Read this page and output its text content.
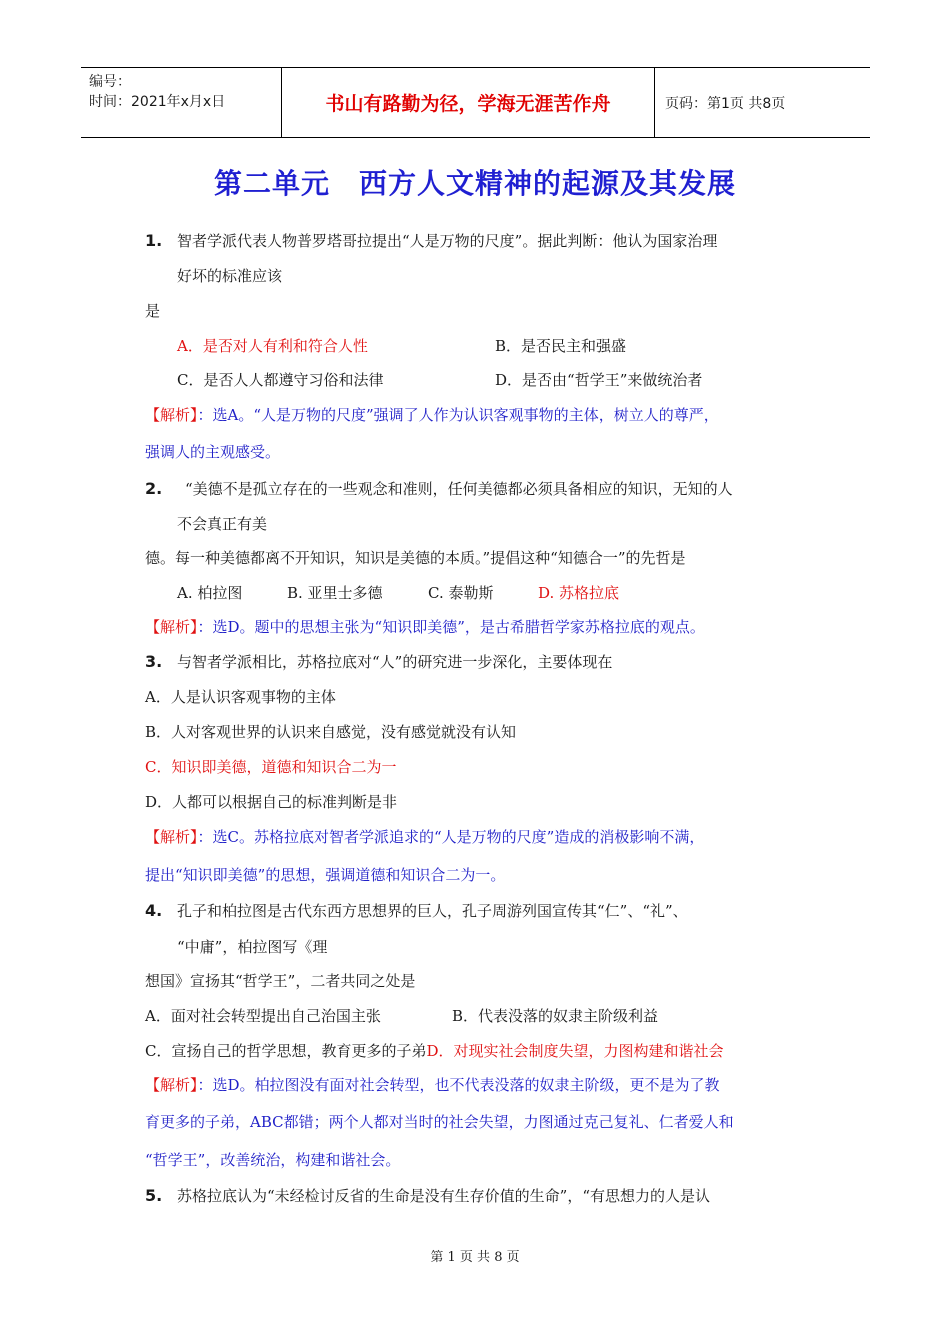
编号：
时间：2021年x月x日	书山有路勤为径，学海无涯苦作舟	页码：第1页 共8页
第二单元　西方人文精神的起源及其发展
1. 智者学派代表人物普罗塔哥拉提出“人是万物的尺度”。据此判断：他认为国家治理
好坏的标准应该
是
A．是否对人有利和符合人性	B．是否民主和强盛
C．是否人人都遵守习俗和法律	D．是否由“哲学王”来做统治者
【解析】：选A。“人是万物的尺度”强调了人作为认识客观事物的主体，树立人的尊严，
强调人的主观感受。
2. “美德不是孤立存在的一些观念和准则，任何美德都必须具备相应的知识，无知的人
不会真正有美
德。每一种美德都离不开知识，知识是美德的本质。”提倡这种“知德合一”的先哲是
A. 柏拉图	B. 亚里士多德	C. 泰勒斯	D. 苏格拉底
【解析】：选D。题中的思想主张为“知识即美德”，是古希腊哲学家苏格拉底的观点。
3. 与智者学派相比，苏格拉底对“人”的研究进一步深化，主要体现在
A．人是认识客观事物的主体
B．人对客观世界的认识来自感觉，没有感觉就没有认知
C．知识即美德，道德和知识合二为一
D．人都可以根据自己的标准判断是非
【解析】：选C。苏格拉底对智者学派追求的“人是万物的尺度”造成的消极影响不满，
提出“知识即美德”的思想，强调道德和知识合二为一。
4. 孔子和柏拉图是古代东西方思想界的巨人，孔子周游列国宣传其“仁”、“礼”、
“中庸”，柏拉图写《理
想国》宣扬其“哲学王”，二者共同之处是
A．面对社会转型提出自己治国主张	B．代表没落的奴隶主阶级利益
C．宣扬自己的哲学思想，教育更多的子弟D．对现实社会制度失望，力图构建和谐社会
【解析】：选D。柏拉图没有面对社会转型，也不代表没落的奴隶主阶级，更不是为了教
育更多的子弟，ABC都错；两个人都对当时的社会失望，力图通过克己复礼、仁者爱人和
“哲学王”，改善统治，构建和谐社会。
5. 苏格拉底认为“未经检讨反省的生命是没有生存价值的生命”，“有思想力的人是认
第 1 页 共 8 页
